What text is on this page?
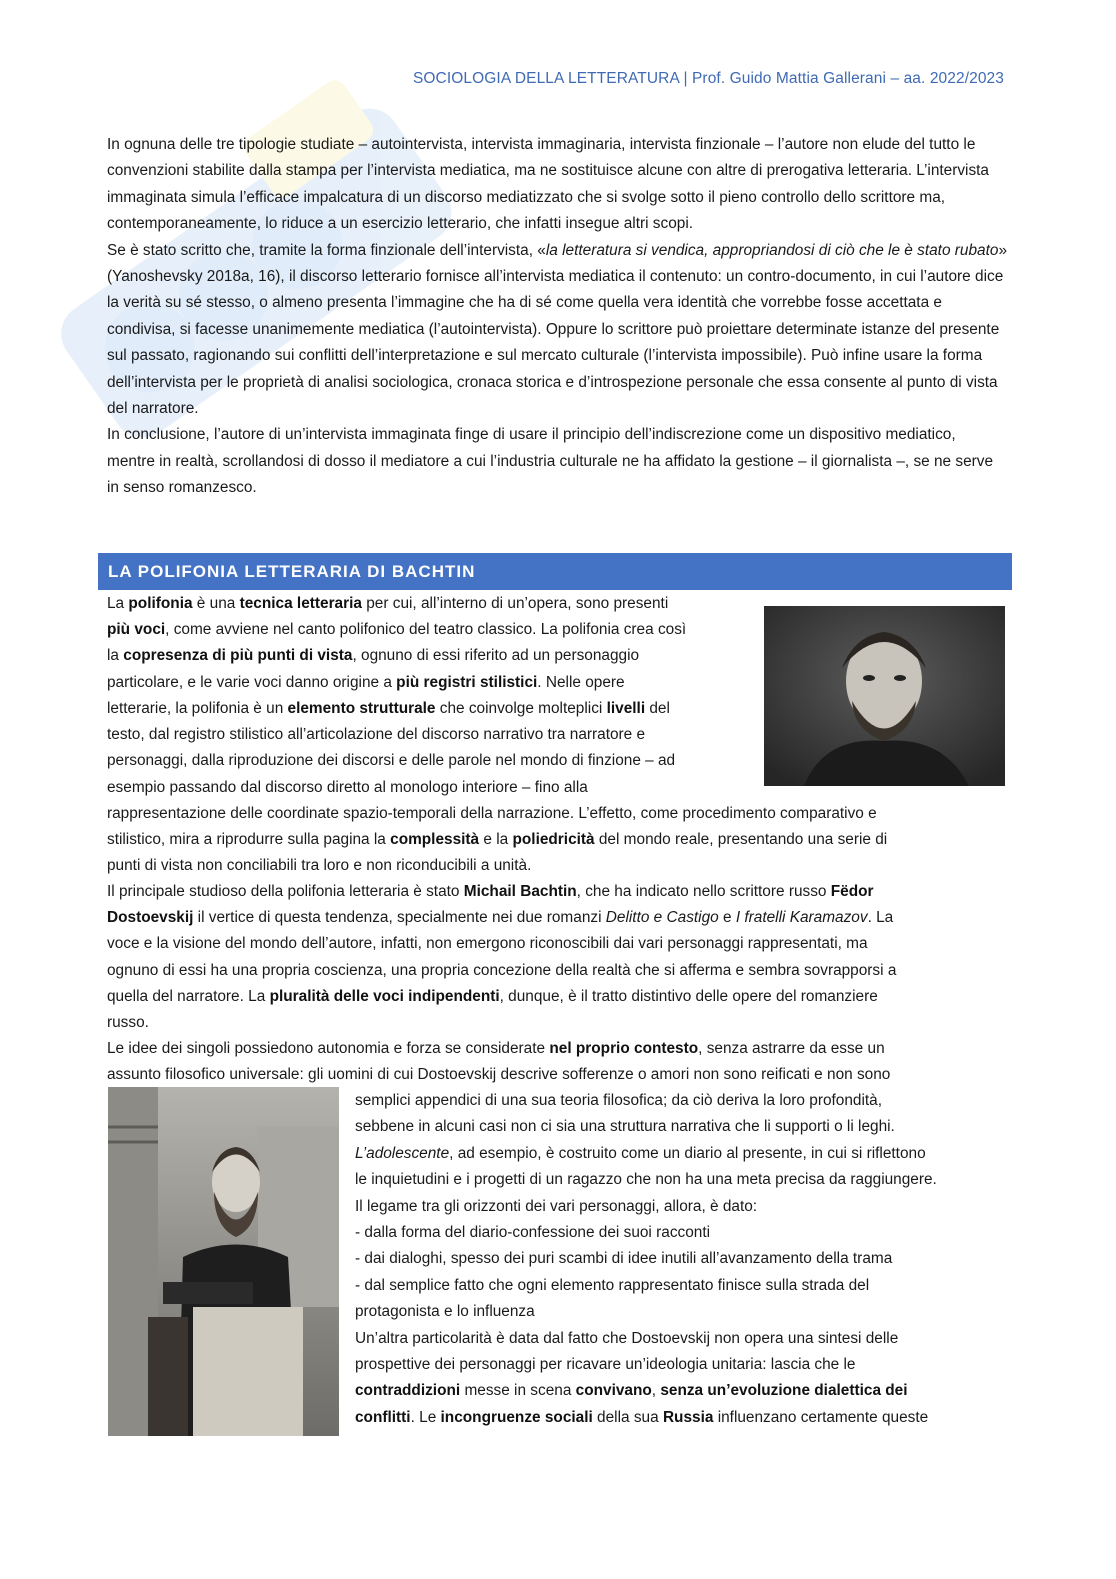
SOCIOLOGIA DELLA LETTERATURA | Prof. Guido Mattia Gallerani – aa. 2022/2023

In ognuna delle tre tipologie studiate – autointervista, intervista immaginaria, intervista finzionale – l’autore non elude del tutto le convenzioni stabilite dalla stampa per l’intervista mediatica, ma ne sostituisce alcune con altre di prerogativa letteraria. L’intervista immaginata simula l’efficace impalcatura di un discorso mediatizzato che si svolge sotto il pieno controllo dello scrittore ma, contemporaneamente, lo riduce a un esercizio letterario, che infatti insegue altri scopi.

Se è stato scritto che, tramite la forma finzionale dell’intervista, «la letteratura si vendica, appropriandosi di ciò che le è stato rubato» (Yanoshevsky 2018a, 16), il discorso letterario fornisce all’intervista mediatica il contenuto: un contro-documento, in cui l’autore dice la verità su sé stesso, o almeno presenta l’immagine che ha di sé come quella vera identità che vorrebbe fosse accettata e condivisa, si facesse unanimemente mediatica (l’autointervista). Oppure lo scrittore può proiettare determinate istanze del presente sul passato, ragionando sui conflitti dell’interpretazione e sul mercato culturale (l’intervista impossibile). Può infine usare la forma dell’intervista per le proprietà di analisi sociologica, cronaca storica e d’introspezione personale che essa consente al punto di vista del narratore.

In conclusione, l’autore di un’intervista immaginata finge di usare il principio dell’indiscrezione come un dispositivo mediatico, mentre in realtà, scrollandosi di dosso il mediatore a cui l’industria culturale ne ha affidato la gestione – il giornalista –, se ne serve in senso romanzesco.

LA POLIFONIA LETTERARIA DI BACHTIN
La polifonia è una tecnica letteraria per cui, all’interno di un’opera, sono presenti
più voci, come avviene nel canto polifonico del teatro classico. La polifonia crea così
la copresenza di più punti di vista, ognuno di essi riferito ad un personaggio
particolare, e le varie voci danno origine a più registri stilistici. Nelle opere
letterarie, la polifonia è un elemento strutturale che coinvolge molteplici livelli del
testo, dal registro stilistico all’articolazione del discorso narrativo tra narratore e
personaggi, dalla riproduzione dei discorsi e delle parole nel mondo di finzione – ad
esempio passando dal discorso diretto al monologo interiore – fino alla
rappresentazione delle coordinate spazio-temporali della narrazione. L’effetto, come procedimento comparativo e
stilistico, mira a riprodurre sulla pagina la complessità e la poliedricità del mondo reale, presentando una serie di
punti di vista non conciliabili tra loro e non riconducibili a unità.
Il principale studioso della polifonia letteraria è stato Michail Bachtin, che ha indicato nello scrittore russo Fëdor
Dostoevskij il vertice di questa tendenza, specialmente nei due romanzi Delitto e Castigo e I fratelli Karamazov. La
voce e la visione del mondo dell’autore, infatti, non emergono riconoscibili dai vari personaggi rappresentati, ma
ognuno di essi ha una propria coscienza, una propria concezione della realtà che si afferma e sembra sovrapporsi a
quella del narratore. La pluralità delle voci indipendenti, dunque, è il tratto distintivo delle opere del romanziere
russo.
Le idee dei singoli possiedono autonomia e forza se considerate nel proprio contesto, senza astrarre da esse un
assunto filosofico universale: gli uomini di cui Dostoevskij descrive sofferenze o amori non sono reificati e non sono

semplici appendici di una sua teoria filosofica; da ciò deriva la loro profondità,

sebbene in alcuni casi non ci sia una struttura narrativa che li supporti o li leghi.

L’adolescente, ad esempio, è costruito come un diario al presente, in cui si riflettono

le inquietudini e i progetti di un ragazzo che non ha una meta precisa da raggiungere.

Il legame tra gli orizzonti dei vari personaggi, allora, è dato:

- dalla forma del diario-confessione dei suoi racconti

- dai dialoghi, spesso dei puri scambi di idee inutili all’avanzamento della trama

- dal semplice fatto che ogni elemento rappresentato finisce sulla strada del

protagonista e lo influenza

Un’altra particolarità è data dal fatto che Dostoevskij non opera una sintesi delle

prospettive dei personaggi per ricavare un’ideologia unitaria: lascia che le

contraddizioni messe in scena convivano, senza un’evoluzione dialettica dei

conflitti. Le incongruenze sociali della sua Russia influenzano certamente queste
